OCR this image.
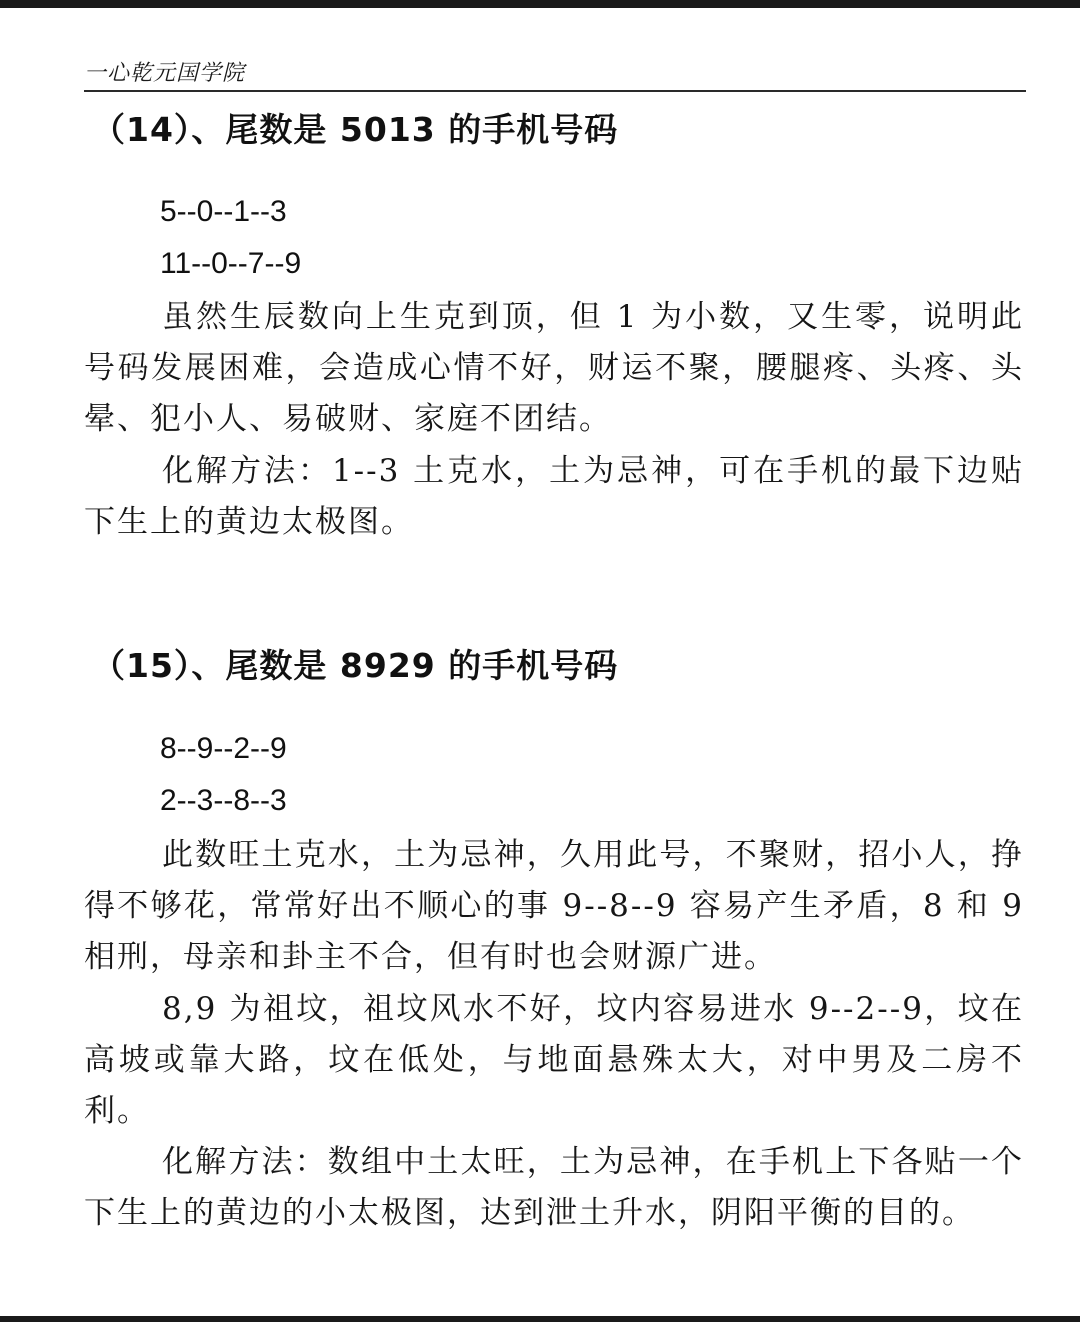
一心乾元国学院
（14）、尾数是 5013 的手机号码
5--0--1--3
11--0--7--9

虽然生辰数向上生克到顶，但 1 为小数，又生零，说明此号码发展困难，会造成心情不好，财运不聚，腰腿疼、头疼、头晕、犯小人、易破财、家庭不团结。

化解方法：1--3 土克水，土为忌神，可在手机的最下边贴下生上的黄边太极图。

（15）、尾数是 8929 的手机号码
8--9--2--9
2--3--8--3

此数旺土克水，土为忌神，久用此号，不聚财，招小人，挣得不够花，常常好出不顺心的事 9--8--9 容易产生矛盾，8 和 9 相刑，母亲和卦主不合，但有时也会财源广进。

8,9 为祖坟，祖坟风水不好，坟内容易进水 9--2--9，坟在高坡或靠大路，坟在低处，与地面悬殊太大，对中男及二房不利。

化解方法：数组中土太旺，土为忌神，在手机上下各贴一个下生上的黄边的小太极图，达到泄土升水，阴阳平衡的目的。
